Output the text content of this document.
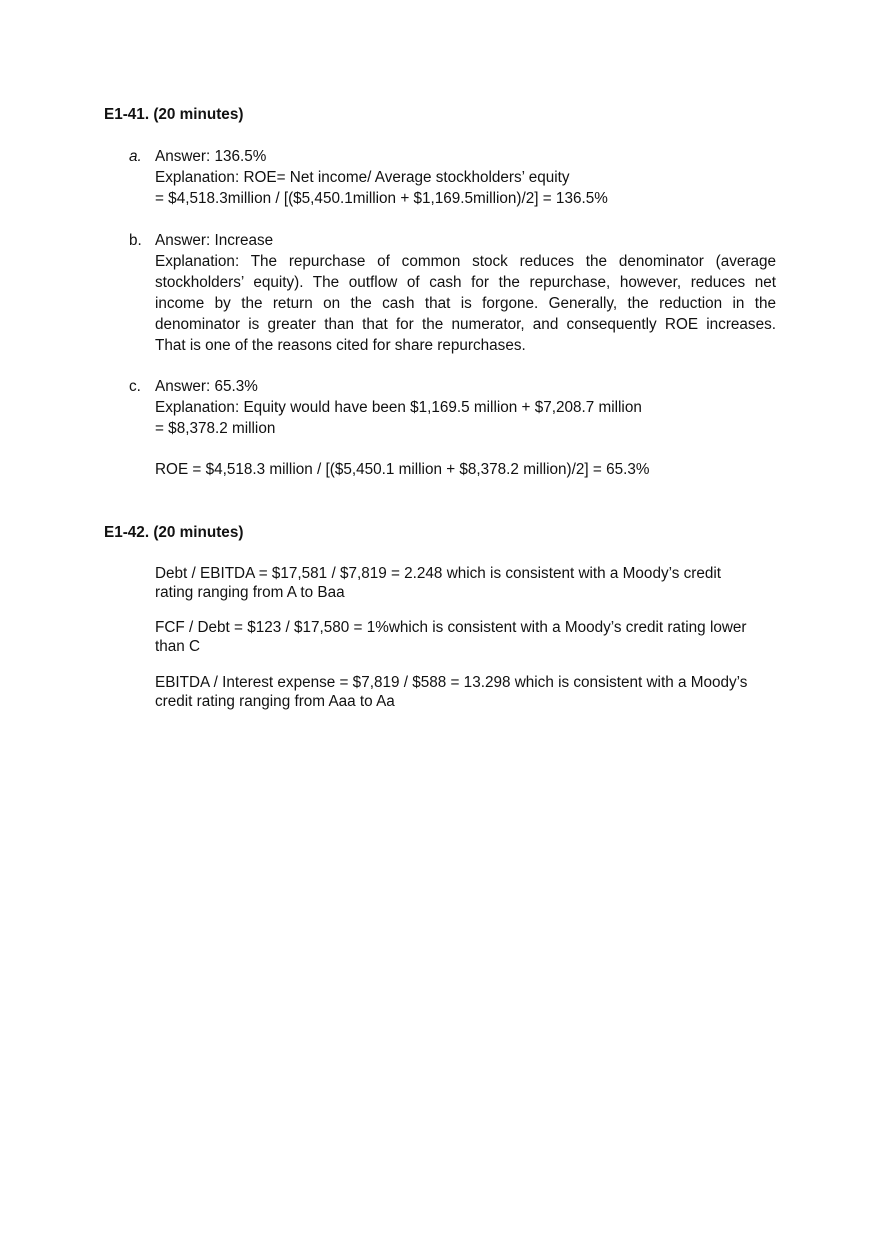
E1-41. (20 minutes)
a. Answer: 136.5%
Explanation: ROE= Net income/ Average stockholders’ equity
= $4,518.3million / [($5,450.1million + $1,169.5million)/2] = 136.5%
b. Answer: Increase
Explanation: The repurchase of common stock reduces the denominator (average
stockholders’ equity). The outflow of cash for the repurchase, however, reduces net
income by the return on the cash that is forgone. Generally, the reduction in the
denominator is greater than that for the numerator, and consequently ROE increases.
That is one of the reasons cited for share repurchases.
c. Answer: 65.3%
Explanation: Equity would have been $1,169.5 million + $7,208.7 million
= $8,378.2 million
ROE = $4,518.3 million / [($5,450.1 million + $8,378.2 million)/2] = 65.3%
E1-42. (20 minutes)
Debt / EBITDA = $17,581 / $7,819 = 2.248 which is consistent with a Moody’s credit
rating ranging from A to Baa
FCF / Debt = $123 / $17,580 = 1%which is consistent with a Moody’s credit rating lower
than C
EBITDA / Interest expense = $7,819 / $588 = 13.298 which is consistent with a Moody’s
credit rating ranging from Aaa to Aa
